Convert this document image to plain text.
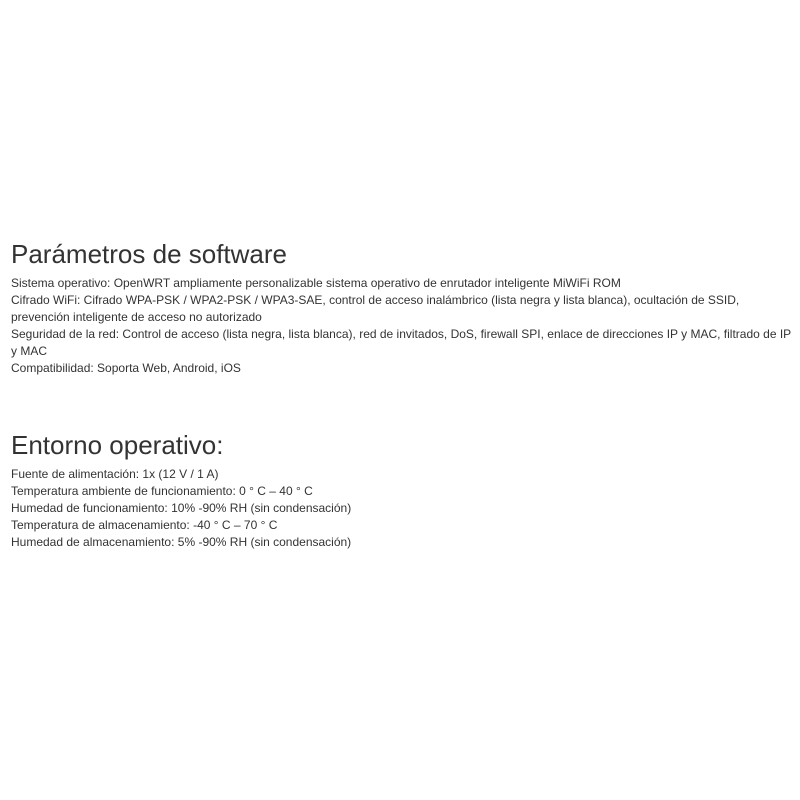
Parámetros de software
Sistema operativo: OpenWRT ampliamente personalizable sistema operativo de enrutador inteligente MiWiFi ROM
Cifrado WiFi: Cifrado WPA-PSK / WPA2-PSK / WPA3-SAE, control de acceso inalámbrico (lista negra y lista blanca), ocultación de SSID, prevención inteligente de acceso no autorizado
Seguridad de la red: Control de acceso (lista negra, lista blanca), red de invitados, DoS, firewall SPI, enlace de direcciones IP y MAC, filtrado de IP y MAC
Compatibilidad: Soporta Web, Android, iOS
Entorno operativo:
Fuente de alimentación: 1x (12 V / 1 A)
Temperatura ambiente de funcionamiento: 0 ° C – 40 ° C
Humedad de funcionamiento: 10% -90% RH (sin condensación)
Temperatura de almacenamiento: -40 ° C – 70 ° C
Humedad de almacenamiento: 5% -90% RH (sin condensación)
